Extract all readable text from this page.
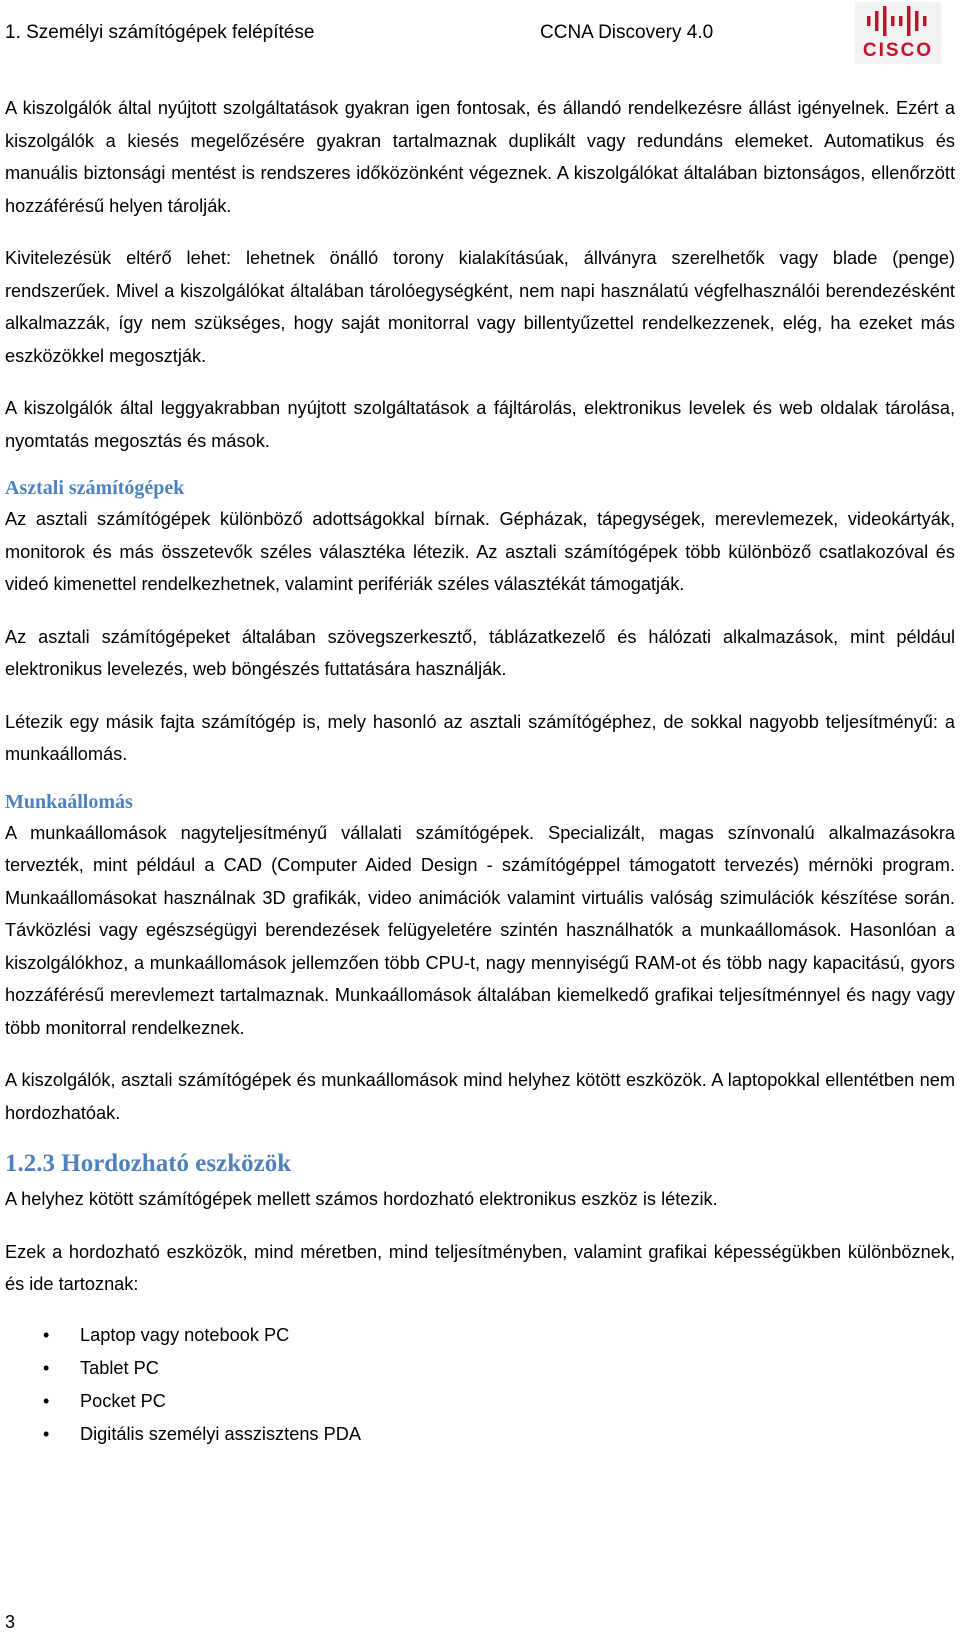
1. Személyi számítógépek felépítése	CCNA Discovery 4.0
CISCO

A kiszolgálók által nyújtott szolgáltatások gyakran igen fontosak, és állandó rendelkezésre állást igényelnek. Ezért a kiszolgálók a kiesés megelőzésére gyakran tartalmaznak duplikált vagy redundáns elemeket. Automatikus és manuális biztonsági mentést is rendszeres időközönként végeznek. A kiszolgálókat általában biztonságos, ellenőrzött hozzáférésű helyen tárolják.

Kivitelezésük eltérő lehet: lehetnek önálló torony kialakításúak, állványra szerelhetők vagy blade (penge) rendszerűek. Mivel a kiszolgálókat általában tárolóegységként, nem napi használatú végfelhasználói berendezésként alkalmazzák, így nem szükséges, hogy saját monitorral vagy billentyűzettel rendelkezzenek, elég, ha ezeket más eszközökkel megosztják.

A kiszolgálók által leggyakrabban nyújtott szolgáltatások a fájltárolás, elektronikus levelek és web oldalak tárolása, nyomtatás megosztás és mások.

Asztali számítógépek

Az asztali számítógépek különböző adottságokkal bírnak. Gépházak, tápegységek, merevlemezek, videokártyák, monitorok és más összetevők széles választéka létezik. Az asztali számítógépek több különböző csatlakozóval és videó kimenettel rendelkezhetnek, valamint perifériák széles választékát támogatják.

Az asztali számítógépeket általában szövegszerkesztő, táblázatkezelő és hálózati alkalmazások, mint például elektronikus levelezés, web böngészés futtatására használják.

Létezik egy másik fajta számítógép is, mely hasonló az asztali számítógéphez, de sokkal nagyobb teljesítményű: a munkaállomás.

Munkaállomás

A munkaállomások nagyteljesítményű vállalati számítógépek. Specializált, magas színvonalú alkalmazásokra tervezték, mint például a CAD (Computer Aided Design - számítógéppel támogatott tervezés) mérnöki program. Munkaállomásokat használnak 3D grafikák, video animációk valamint virtuális valóság szimulációk készítése során. Távközlési vagy egészségügyi berendezések felügyeletére szintén használhatók a munkaállomások. Hasonlóan a kiszolgálókhoz, a munkaállomások jellemzően több CPU-t, nagy mennyiségű RAM-ot és több nagy kapacitású, gyors hozzáférésű merevlemezt tartalmaznak. Munkaállomások általában kiemelkedő grafikai teljesítménnyel és nagy vagy több monitorral rendelkeznek.

A kiszolgálók, asztali számítógépek és munkaállomások mind helyhez kötött eszközök. A laptopokkal ellentétben nem hordozhatóak.

1.2.3 Hordozható eszközök

A helyhez kötött számítógépek mellett számos hordozható elektronikus eszköz is létezik.

Ezek a hordozható eszközök, mind méretben, mind teljesítményben, valamint grafikai képességükben különböznek, és ide tartoznak:

• Laptop vagy notebook PC
• Tablet PC
• Pocket PC
• Digitális személyi asszisztens PDA
3
